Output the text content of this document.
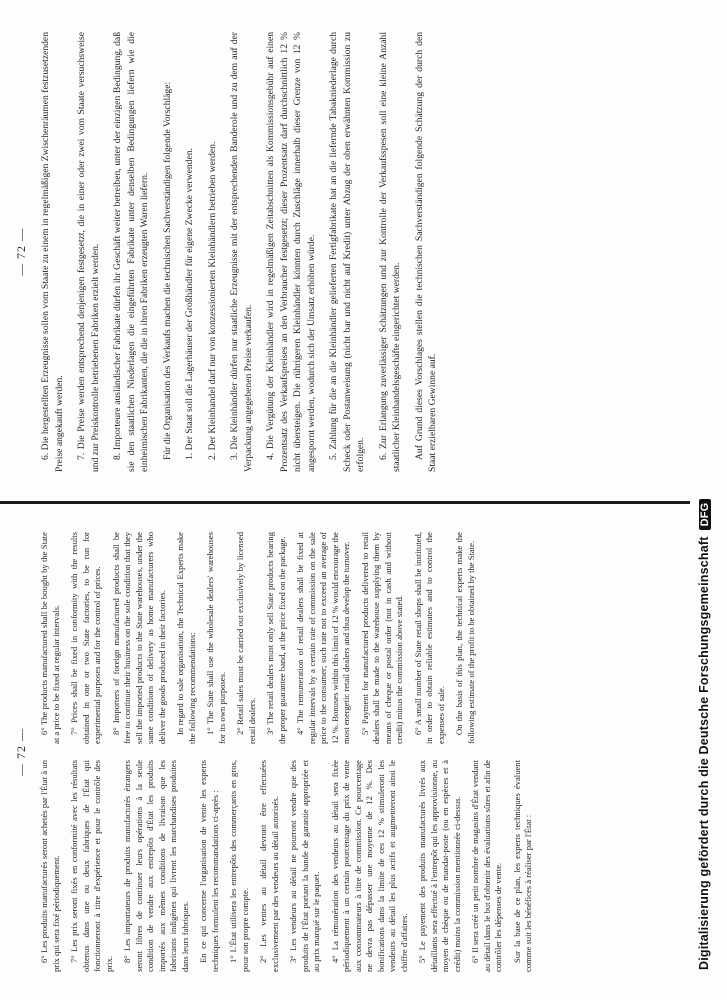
— 72 —

6° Les produits manufacturés seront achetés par l'État à un prix qui sera fixé périodiquement. 7° Les prix seront fixés en conformité avec les résultats obtenus dans une ou deux fabriques de l'État qui fonctionneront à titre d'expérience et pour le contrôle des prix.

8° Les importateurs de produits manufacturés étrangers seront libres de continuer leurs opérations à la seule condition de vendre aux entrepôts d'État les produits importés aux mêmes conditions de livraison que les fabricants indigènes qui livrent les marchandises produites dans leurs fabriques. En ce qui concerne l'organisation de vente les experts techniques formulent les recommandations ci-après : 1° L'État utilisera les entrepôts des commerçants en gros, pour son propre compte. 2° Les ventes au détail devront être effectuées exclusivement par des vendeurs au détail autorisés. 3° Les vendeurs au détail ne pourront vendre que des produits de l'État portant la bande de garantie appropriée et au prix marqué sur le paquet. 4° La rémunération des vendeurs au détail sera fixée périodiquement à un certain pourcentage du prix de vente aux consommateurs à titre de commission. Ce pourcentage ne devra pas dépasser une moyenne de 12 %. Des bonifications dans la limite de ces 12 % stimuleront les vendeurs au détail les plus actifs et augmenteront ainsi le chiffre d'affaires. 5° Le payement des produits manufacturés livrés aux détaillants sera effectué à l'entrepôt qui les approvisionne, au moyen de chèque ou de mandat-poste (ou en espèces et à crédit) moins la commission mentionnée ci-dessus. 6° Il sera créé un petit nombre de magasins d'État vendant au détail dans le but d'obtenir des évaluations sûres et afin de contrôler les dépenses de vente. Sur la base de ce plan, les experts techniques évaluent comme suit les bénéfices à réaliser par l'État :

6° The products manufactured shall be bought by the State at a price to be fixed at regular intervals. 7° Prices shall be fixed in conformity with the results obtained in one or two State factories, to be run for experimental purposes and for the control of prices. 8° Importers of foreign manufactured products shall be free to continue their business on the sole condition that they sell the imported products to the State warehouses, under the same conditions of delivery as home manufacturers who deliver the goods produced in their factories. In regard to sale organisation, the Technical Experts make the following recommendations: 1° The State shall use the wholesale dealers' warehouses for its own purposes. 2° Retail sales must be carried out exclusively by licensed retail dealers. 3° The retail dealers must only sell State products bearing the proper guarantee band, at the price fixed on the package. 4° The remuneration of retail dealers shall be fixed at regular intervals by a certain rate of commission on the sale price to the consumer; such rate not to exceed an average of 12 %. Bonuses within this limit of 12 % would encourage the most energetic retail dealers and thus develop the turnover. 5° Payment for manufactured products delivered to retail dealers shall be made to the warehouse supplying them by means of cheque or postal order (not in cash and without credit) minus the commission above stated. 6° A small number of State retail shops shall be instituted, in order to obtain reliable estimates and to control the expenses of sale. On the basis of this plan, the technical experts make the following estimate of the profit to be obtained by the State.

— 72 — 6. Die hergestellten Erzeugnisse sollen vom Staate zu einem in regelmäßigen Zwischenräumen festzusetzenden Preise angekauft werden. 7. Die Preise werden entsprechend denjenigen festgesetzt, die in einer oder zwei vom Staate versuchsweise und zur Preiskontrolle betriebenen Fabriken erzielt werden. 8. Importeure ausländischer Fabrikate dürfen ihr Geschäft weiter betreiben, unter der einzigen Bedingung, daß sie den staatlichen Niederlagen die eingeführten Fabrikate unter denselben Bedingungen liefern wie die einheimischen Fabrikanten, die die in ihren Fabriken erzeugten Waren liefern. Für die Organisation des Verkaufs machen die technischen Sachverständigen folgende Vorschläge: 1. Der Staat soll die Lagerhäuser der Großhändler für eigene Zwecke verwenden. 2. Der Kleinhandel darf nur von konzessionierten Kleinhändlern betrieben werden. 3. Die Kleinhändler dürfen nur staatliche Erzeugnisse mit der entsprechenden Banderole und zu dem auf der Verpackung angegebenen Preise verkaufen. 4. Die Vergütung der Kleinhändler wird in regelmäßigen Zeitabschnitten als Kommissionsgebühr auf einen Prozentsatz des Verkaufspreises an den Verbraucher festgesetzt; dieser Prozentsatz darf durchschnittlich 12 % nicht übersteigen. Die rührigeren Kleinhändler könnten durch Zuschläge innerhalb dieser Grenze von 12 % angespornt werden, wodurch sich der Umsatz erhöhen würde. 5. Zahlung für die an die Kleinhändler gelieferten Fertigfabrikate hat an die liefernde Tabakniederlage durch Scheck oder Postanweisung (nicht bar und nicht auf Kredit) unter Abzug der oben erwähnten Kommission zu erfolgen. 6. Zur Erlangung zuverlässiger Schätzungen und zur Kontrolle der Verkaufsspesen soll eine kleine Anzahl staatlicher Kleinhandelsgeschäfte eingerichtet werden. Auf Grund dieses Vorschlages stellen die technischen Sachverständigen folgende Schätzung der durch den Staat erzielbaren Gewinne auf.

Digitalisierung gefördert durch die Deutsche ForschungsgemeinschaftDFG
